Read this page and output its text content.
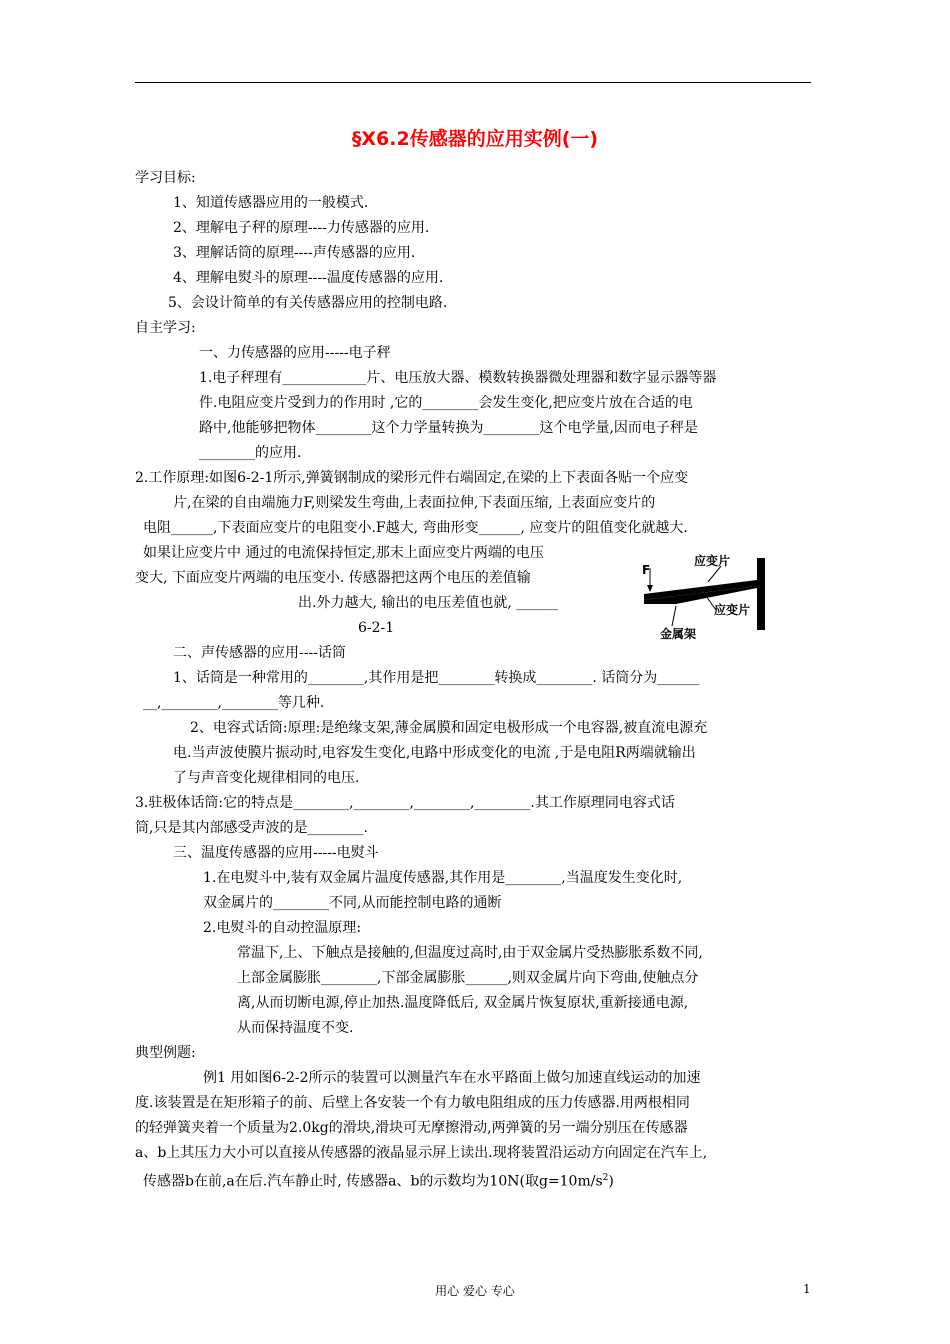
§X6.2传感器的应用实例(一)
学习目标:
1、知道传感器应用的一般模式.
2、理解电子秤的原理----力传感器的应用.
3、理解话筒的原理----声传感器的应用.
4、理解电熨斗的原理----温度传感器的应用.
5、会设计简单的有关传感器应用的控制电路.
自主学习:
一、力传感器的应用-----电子秤
1.电子秤理有____________片、电压放大器、模数转换器微处理器和数字显示器等器
件.电阻应变片受到力的作用时 ,它的________会发生变化,把应变片放在合适的电
路中,他能够把物体________这个力学量转换为________这个电学量,因而电子秤是
________的应用.
2.工作原理:如图6-2-1所示,弹簧钢制成的梁形元件右端固定,在梁的上下表面各贴一个应变
片,在梁的自由端施力F,则梁发生弯曲,上表面拉伸,下表面压缩, 上表面应变片的
电阻______,下表面应变片的电阻变小.F越大, 弯曲形变______, 应变片的阻值变化就越大.
如果让应变片中 通过的电流保持恒定,那末上面应变片两端的电压
变大, 下面应变片两端的电压变小. 传感器把这两个电压的差值输
出.外力越大, 输出的电压差值也就, ______
6-2-1
二、声传感器的应用----话筒
1、话筒是一种常用的________,其作用是把________转换成________. 话筒分为______
__,________,________等几种.
2、电容式话筒:原理:是绝缘支架,薄金属膜和固定电极形成一个电容器,被直流电源充
电.当声波使膜片振动时,电容发生变化,电路中形成变化的电流 ,于是电阻R两端就输出
了与声音变化规律相同的电压.
3.驻极体话筒:它的特点是________,________,________,________.其工作原理同电容式话
筒,只是其内部感受声波的是________.
三、温度传感器的应用-----电熨斗
1.在电熨斗中,装有双金属片温度传感器,其作用是________,当温度发生变化时,
双金属片的________不同,从而能控制电路的通断
2.电熨斗的自动控温原理:
常温下,上、下触点是接触的,但温度过高时,由于双金属片受热膨胀系数不同,
上部金属膨胀________,下部金属膨胀______,则双金属片向下弯曲,使触点分
离,从而切断电源,停止加热.温度降低后, 双金属片恢复原状,重新接通电源,
从而保持温度不变.
典型例题:
例1 用如图6-2-2所示的装置可以测量汽车在水平路面上做匀加速直线运动的加速
度.该装置是在矩形箱子的前、后壁上各安装一个有力敏电阻组成的压力传感器.用两根相同
的轻弹簧夹着一个质量为2.0kg的滑块,滑块可无摩擦滑动,两弹簧的另一端分别压在传感器
a、b上其压力大小可以直接从传感器的液晶显示屏上读出.现将装置沿运动方向固定在汽车上,
传感器b在前,a在后.汽车静止时, 传感器a、b的示数均为10N(取$g=10m/s^2$)
F
应变片
应变片
金属架
用心 爱心 专心	1
